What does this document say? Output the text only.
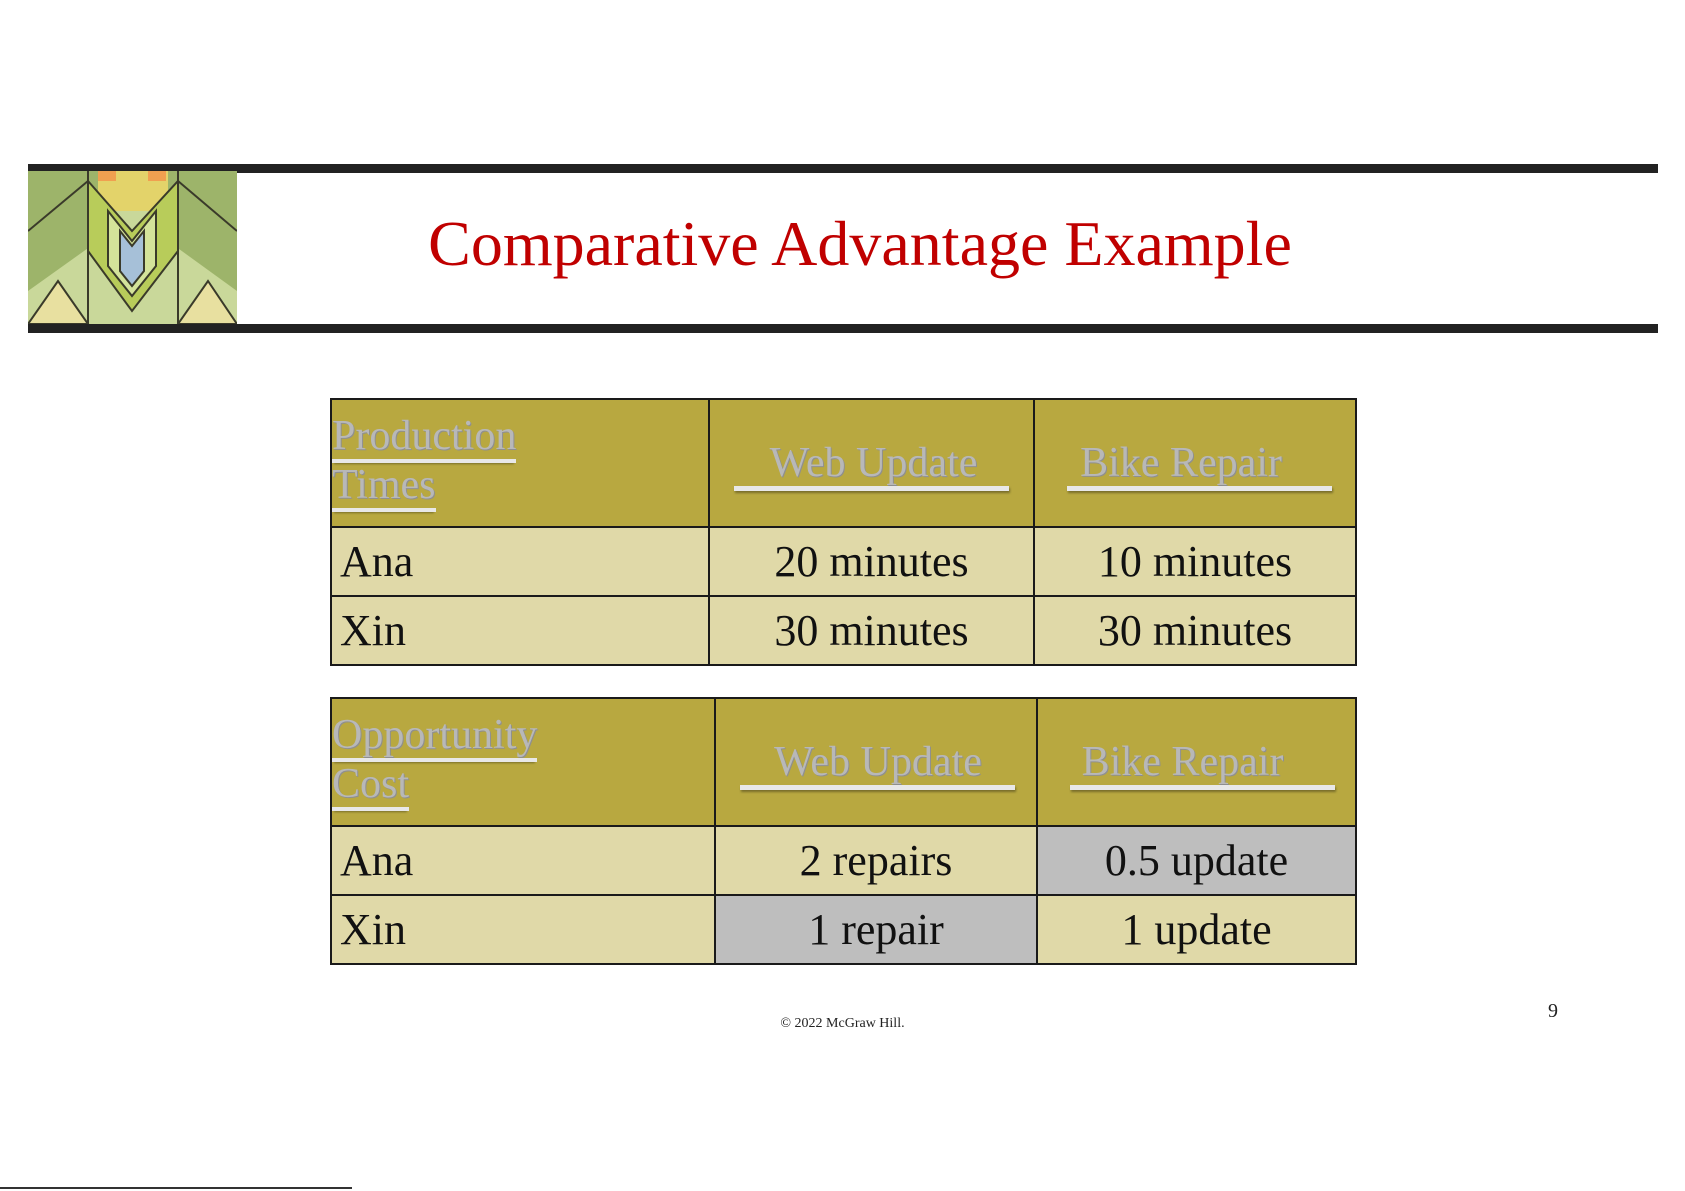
Comparative Advantage Example
Production
Times	Web Update	Bike Repair

Ana	20 minutes	10 minutes
Xin	30 minutes	30 minutes
Opportunity
Cost	Web Update	Bike Repair

Ana	2 repairs	0.5 update
Xin	1 repair	1 update
© 2022 McGraw Hill.
9
